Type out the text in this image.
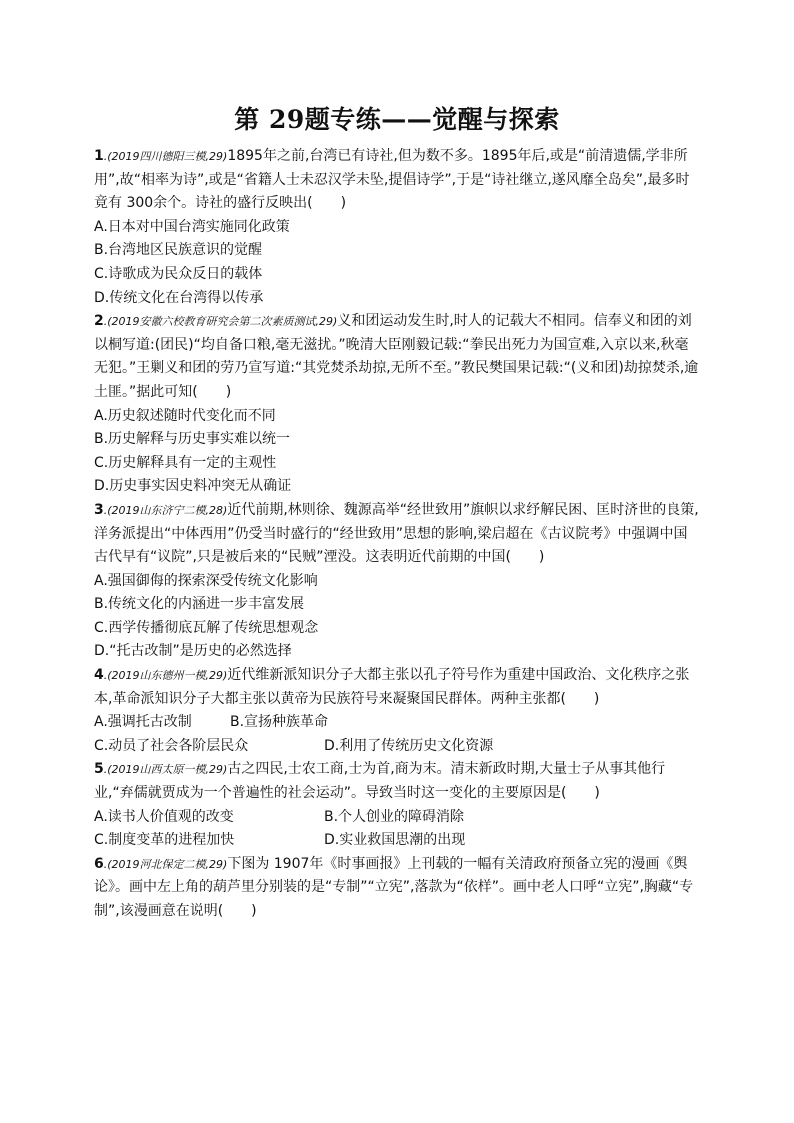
第 29题专练——觉醒与探索

1.(2019四川德阳三模,29)1895年之前,台湾已有诗社,但为数不多。1895年后,或是“前清遗儒,学非所用”,故“相率为诗”,或是“省籍人士未忍汉学未坠,提倡诗学”,于是“诗社继立,遂风靡全岛矣”,最多时竟有 300余个。诗社的盛行反映出(　　)

A.日本对中国台湾实施同化政策

B.台湾地区民族意识的觉醒

C.诗歌成为民众反日的载体

D.传统文化在台湾得以传承

2.(2019安徽六校教育研究会第二次素质测试,29)义和团运动发生时,时人的记载大不相同。信奉义和团的刘以桐写道:(团民)“均自备口粮,毫无滋扰。”晚清大臣刚毅记载:“拳民出死力为国宣难,入京以来,秋毫无犯。”王剿义和团的劳乃宣写道:“其党焚杀劫掠,无所不至。”教民樊国果记载:“(义和团)劫掠焚杀,逾土匪。”据此可知(　　)

A.历史叙述随时代变化而不同

B.历史解释与历史事实难以统一

C.历史解释具有一定的主观性

D.历史事实因史料冲突无从确证

3.(2019山东济宁二模,28)近代前期,林则徐、魏源高举“经世致用”旗帜以求纾解民困、匡时济世的良策,洋务派提出“中体西用”仍受当时盛行的“经世致用”思想的影响,梁启超在《古议院考》中强调中国古代早有“议院”,只是被后来的“民贼”湮没。这表明近代前期的中国(　　)

A.强国御侮的探索深受传统文化影响

B.传统文化的内涵进一步丰富发展

C.西学传播彻底瓦解了传统思想观念

D.“托古改制”是历史的必然选择

4.(2019山东德州一模,29)近代维新派知识分子大都主张以孔子符号作为重建中国政治、文化秩序之张本,革命派知识分子大都主张以黄帝为民族符号来凝聚国民群体。两种主张都(　　)

A.强调托古改制	B.宣扬种族革命
C.动员了社会各阶层民众	D.利用了传统历史文化资源

5.(2019山西太原一模,29)古之四民,士农工商,士为首,商为末。清末新政时期,大量士子从事其他行业,“弃儒就贾成为一个普遍性的社会运动”。导致当时这一变化的主要原因是(　　)

A.读书人价值观的改变	B.个人创业的障碍消除
C.制度变革的进程加快	D.实业救国思潮的出现

6.(2019河北保定二模,29)下图为 1907年《时事画报》上刊载的一幅有关清政府预备立宪的漫画《舆论》。画中左上角的葫芦里分别装的是“专制”“立宪”,落款为“依样”。画中老人口呼“立宪”,胸藏“专制”,该漫画意在说明(　　)
